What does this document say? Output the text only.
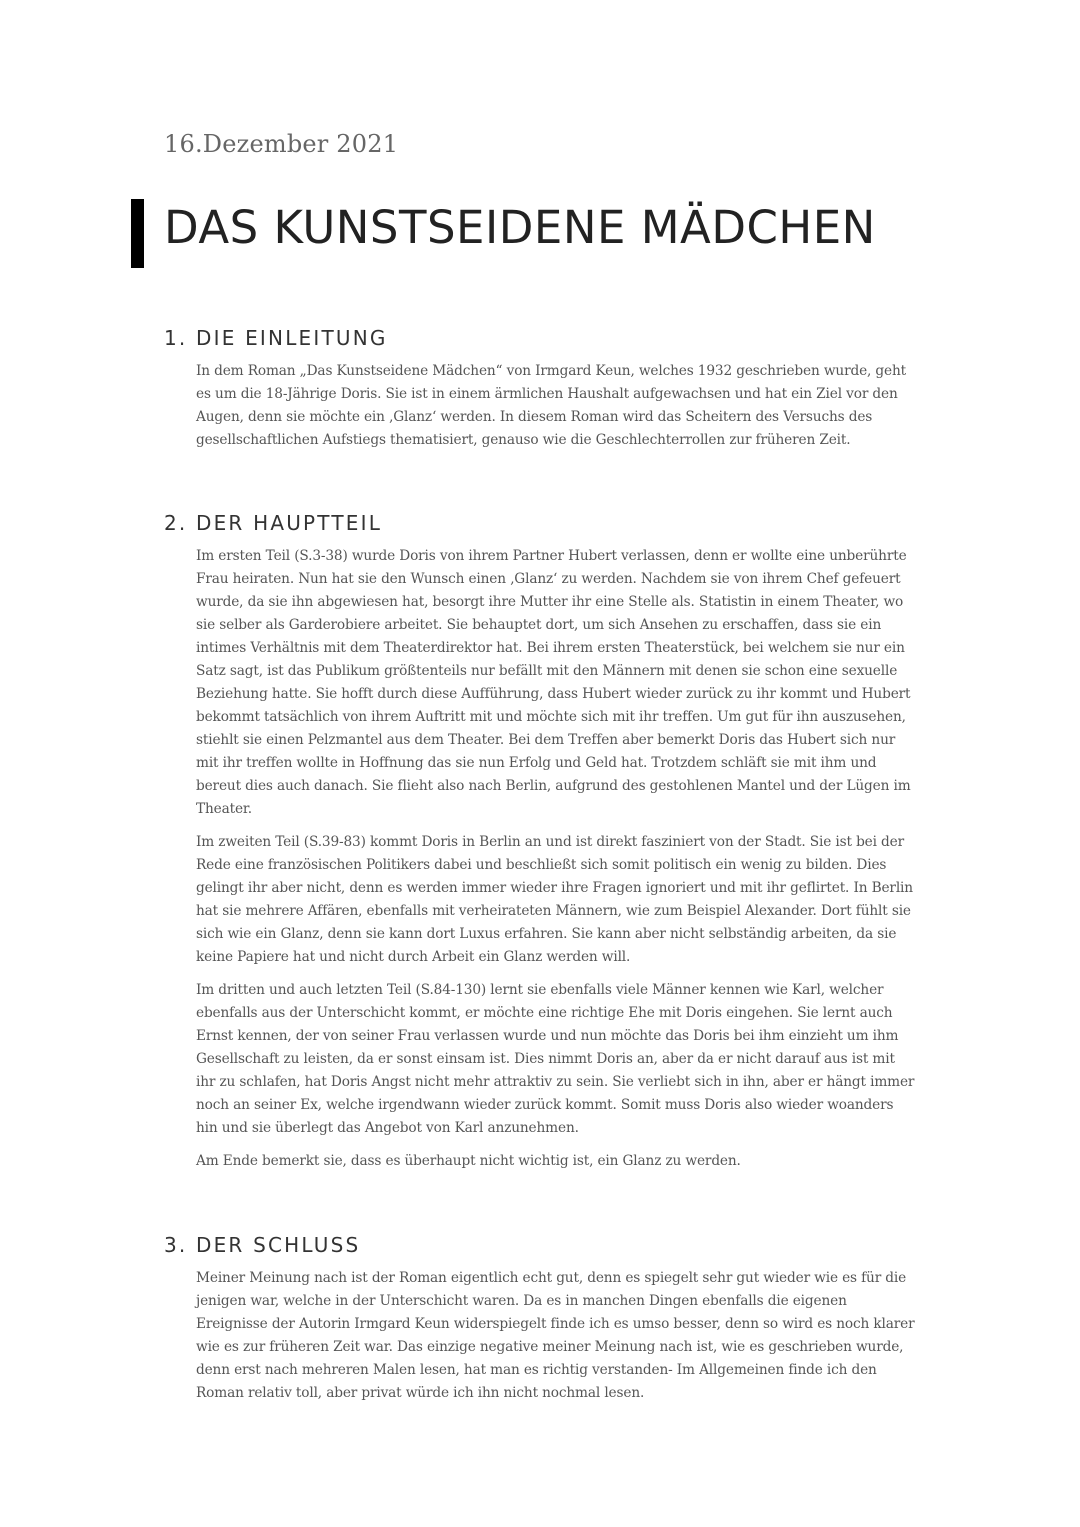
16.Dezember 2021
DAS KUNSTSEIDENE MÄDCHEN
1. DIE EINLEITUNG

In dem Roman „Das Kunstseidene Mädchen“ von Irmgard Keun, welches 1932 geschrieben wurde, geht es um die 18-Jährige Doris. Sie ist in einem ärmlichen Haushalt aufgewachsen und hat ein Ziel vor den Augen, denn sie möchte ein ‚Glanz‘ werden. In diesem Roman wird das Scheitern des Versuchs des gesellschaftlichen Aufstiegs thematisiert, genauso wie die Geschlechterrollen zur früheren Zeit.

2. DER HAUPTTEIL

Im ersten Teil (S.3-38) wurde Doris von ihrem Partner Hubert verlassen, denn er wollte eine unberührte Frau heiraten. Nun hat sie den Wunsch einen ‚Glanz‘ zu werden. Nachdem sie von ihrem Chef gefeuert wurde, da sie ihn abgewiesen hat, besorgt ihre Mutter ihr eine Stelle als. Statistin in einem Theater, wo sie selber als Garderobiere arbeitet. Sie behauptet dort, um sich Ansehen zu erschaffen, dass sie ein intimes Verhältnis mit dem Theaterdirektor hat. Bei ihrem ersten Theaterstück, bei welchem sie nur ein Satz sagt, ist das Publikum größtenteils nur befällt mit den Männern mit denen sie schon eine sexuelle Beziehung hatte. Sie hofft durch diese Aufführung, dass Hubert wieder zurück zu ihr kommt und Hubert bekommt tatsächlich von ihrem Auftritt mit und möchte sich mit ihr treffen. Um gut für ihn auszusehen, stiehlt sie einen Pelzmantel aus dem Theater. Bei dem Treffen aber bemerkt Doris das Hubert sich nur mit ihr treffen wollte in Hoffnung das sie nun Erfolg und Geld hat. Trotzdem schläft sie mit ihm und bereut dies auch danach. Sie flieht also nach Berlin, aufgrund des gestohlenen Mantel und der Lügen im Theater.

Im zweiten Teil (S.39-83) kommt Doris in Berlin an und ist direkt fasziniert von der Stadt. Sie ist bei der Rede eine französischen Politikers dabei und beschließt sich somit politisch ein wenig zu bilden. Dies gelingt ihr aber nicht, denn es werden immer wieder ihre Fragen ignoriert und mit ihr geflirtet. In Berlin hat sie mehrere Affären, ebenfalls mit verheirateten Männern, wie zum Beispiel Alexander. Dort fühlt sie sich wie ein Glanz, denn sie kann dort Luxus erfahren. Sie kann aber nicht selbständig arbeiten, da sie keine Papiere hat und nicht durch Arbeit ein Glanz werden will.

Im dritten und auch letzten Teil (S.84-130) lernt sie ebenfalls viele Männer kennen wie Karl, welcher ebenfalls aus der Unterschicht kommt, er möchte eine richtige Ehe mit Doris eingehen. Sie lernt auch Ernst kennen, der von seiner Frau verlassen wurde und nun möchte das Doris bei ihm einzieht um ihm Gesellschaft zu leisten, da er sonst einsam ist. Dies nimmt Doris an, aber da er nicht darauf aus ist mit ihr zu schlafen, hat Doris Angst nicht mehr attraktiv zu sein. Sie verliebt sich in ihn, aber er hängt immer noch an seiner Ex, welche irgendwann wieder zurück kommt. Somit muss Doris also wieder woanders hin und sie überlegt das Angebot von Karl anzunehmen.

Am Ende bemerkt sie, dass es überhaupt nicht wichtig ist, ein Glanz zu werden.

3. DER SCHLUSS

Meiner Meinung nach ist der Roman eigentlich echt gut, denn es spiegelt sehr gut wieder wie es für die jenigen war, welche in der Unterschicht waren. Da es in manchen Dingen ebenfalls die eigenen Ereignisse der Autorin Irmgard Keun widerspiegelt finde ich es umso besser, denn so wird es noch klarer wie es zur früheren Zeit war. Das einzige negative meiner Meinung nach ist, wie es geschrieben wurde, denn erst nach mehreren Malen lesen, hat man es richtig verstanden- Im Allgemeinen finde ich den Roman relativ toll, aber privat würde ich ihn nicht nochmal lesen.
